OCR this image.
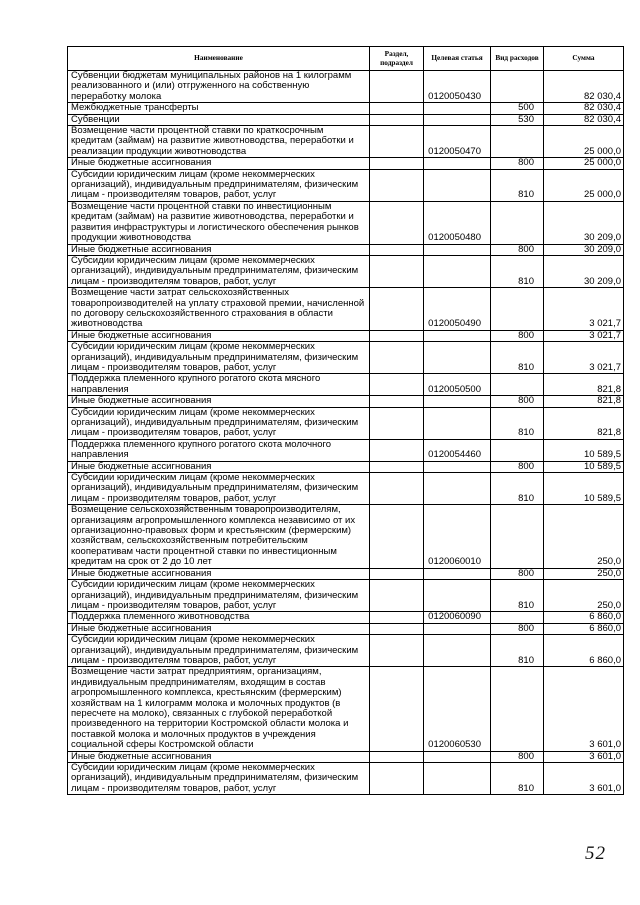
Наименование	Раздел, подраздел	Целевая статья	Вид расходов	Сумма
Субвенции бюджетам муниципальных районов на 1 килограмм реализованного и (или) отгруженного на собственную переработку молока		0120050430		82 030,4
Межбюджетные трансферты			500	82 030,4
Субвенции			530	82 030,4
Возмещение части процентной ставки по краткосрочным кредитам (займам) на развитие животноводства, переработки и реализации продукции животноводства		0120050470		25 000,0
Иные бюджетные ассигнования			800	25 000,0
Субсидии юридическим лицам (кроме некоммерческих организаций), индивидуальным предпринимателям, физическим лицам - производителям товаров, работ, услуг			810	25 000,0
Возмещение части процентной ставки по инвестиционным кредитам (займам) на развитие животноводства, переработки и развития инфраструктуры и логистического обеспечения рынков продукции животноводства		0120050480		30 209,0
Иные бюджетные ассигнования			800	30 209,0
Субсидии юридическим лицам (кроме некоммерческих организаций), индивидуальным предпринимателям, физическим лицам - производителям товаров, работ, услуг			810	30 209,0
Возмещение части затрат сельскохозяйственных товаропроизводителей на уплату страховой премии, начисленной по договору сельскохозяйственного страхования в области животноводства		0120050490		3 021,7
Иные бюджетные ассигнования			800	3 021,7
Субсидии юридическим лицам (кроме некоммерческих организаций), индивидуальным предпринимателям, физическим лицам - производителям товаров, работ, услуг			810	3 021,7
Поддержка племенного крупного рогатого скота мясного направления		0120050500		821,8
Иные бюджетные ассигнования			800	821,8
Субсидии юридическим лицам (кроме некоммерческих организаций), индивидуальным предпринимателям, физическим лицам - производителям товаров, работ, услуг			810	821,8
Поддержка племенного крупного рогатого скота молочного направления		0120054460		10 589,5
Иные бюджетные ассигнования			800	10 589,5
Субсидии юридическим лицам (кроме некоммерческих организаций), индивидуальным предпринимателям, физическим лицам - производителям товаров, работ, услуг			810	10 589,5
Возмещение сельскохозяйственным товаропроизводителям, организациям агропромышленного комплекса независимо от их организационно-правовых форм и крестьянским (фермерским) хозяйствам, сельскохозяйственным потребительским кооперативам части процентной ставки по инвестиционным кредитам на срок от 2 до 10 лет		0120060010		250,0
Иные бюджетные ассигнования			800	250,0
Субсидии юридическим лицам (кроме некоммерческих организаций), индивидуальным предпринимателям, физическим лицам - производителям товаров, работ, услуг			810	250,0
Поддержка племенного животноводства		0120060090		6 860,0
Иные бюджетные ассигнования			800	6 860,0
Субсидии юридическим лицам (кроме некоммерческих организаций), индивидуальным предпринимателям, физическим лицам - производителям товаров, работ, услуг			810	6 860,0
Возмещение части затрат предприятиям, организациям, индивидуальным предпринимателям, входящим в состав агропромышленного комплекса, крестьянским (фермерским) хозяйствам на 1 килограмм молока и молочных продуктов (в пересчете на молоко), связанных с глубокой переработкой произведенного на территории Костромской области молока и поставкой молока и молочных продуктов в учреждения социальной сферы Костромской области		0120060530		3 601,0
Иные бюджетные ассигнования			800	3 601,0
Субсидии юридическим лицам (кроме некоммерческих организаций), индивидуальным предпринимателям, физическим лицам - производителям товаров, работ, услуг			810	3 601,0
52
